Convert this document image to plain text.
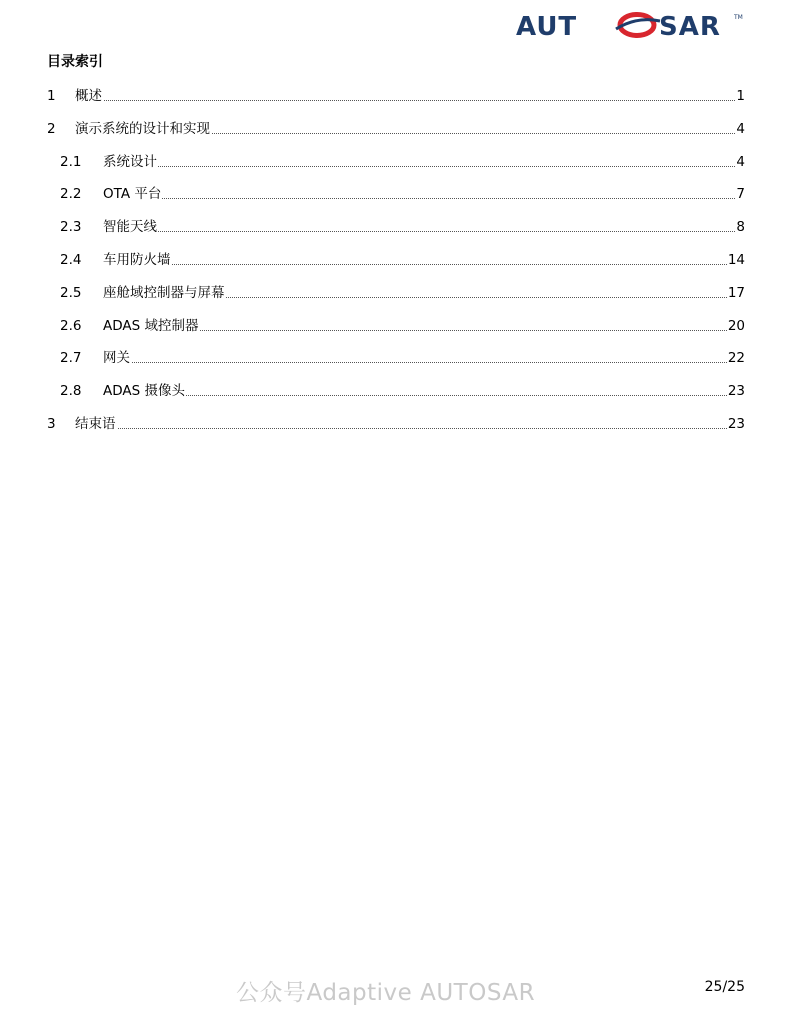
AUT	SAR TM
目录索引
1 概述	1
2 演示系统的设计和实现	4
2.1 系统设计	4
2.2 OTA 平台	7
2.3 智能天线	8
2.4 车用防火墙	14
2.5 座舱域控制器与屏幕	17
2.6 ADAS 域控制器	20
2.7 网关	22
2.8 ADAS 摄像头	23
3 结束语	23
公众号Adaptive AUTOSAR	25/25
